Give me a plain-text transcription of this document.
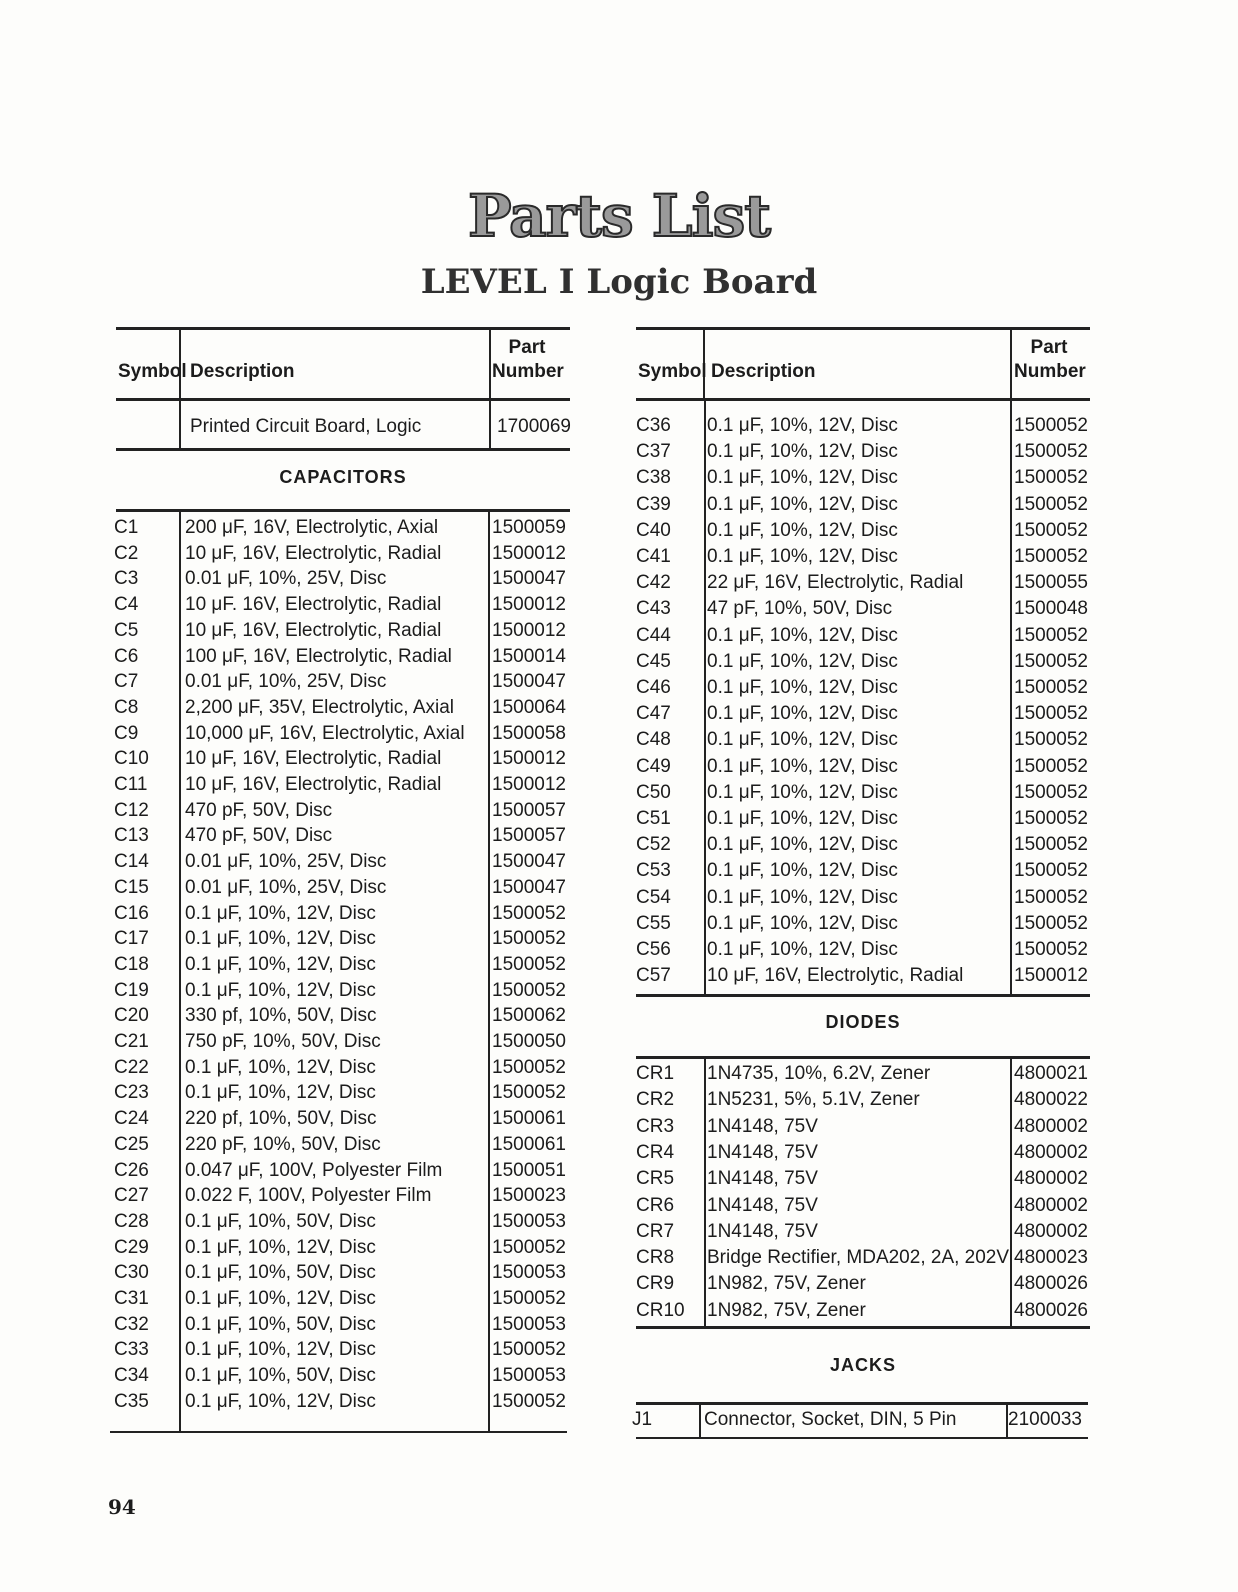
Parts List
LEVEL I Logic Board
Symbol Description
Part
Number
Printed Circuit Board, Logic	1700069
CAPACITORS
C1 200 μF, 16V, Electrolytic, Axial	1500059
C2 10 μF, 16V, Electrolytic, Radial	1500012
C3 0.01 μF, 10%, 25V, Disc	1500047
C4 10 μF. 16V, Electrolytic, Radial	1500012
C5 10 μF, 16V, Electrolytic, Radial	1500012
C6 100 μF, 16V, Electrolytic, Radial 1500014
C7 0.01 μF, 10%, 25V, Disc	1500047
C8 2,200 μF, 35V, Electrolytic, Axial 1500064
C9 10,000 μF, 16V, Electrolytic, Axial 1500058
C10 10 μF, 16V, Electrolytic, Radial	1500012
C11 10 μF, 16V, Electrolytic, Radial	1500012
C12 470 pF, 50V, Disc	1500057
C13 470 pF, 50V, Disc	1500057
C14 0.01 μF, 10%, 25V, Disc	1500047
C15 0.01 μF, 10%, 25V, Disc	1500047
C16 0.1 μF, 10%, 12V, Disc	1500052
C17 0.1 μF, 10%, 12V, Disc	1500052
C18 0.1 μF, 10%, 12V, Disc	1500052
C19 0.1 μF, 10%, 12V, Disc	1500052
C20 330 pf, 10%, 50V, Disc	1500062
C21 750 pF, 10%, 50V, Disc	1500050
C22 0.1 μF, 10%, 12V, Disc	1500052
C23 0.1 μF, 10%, 12V, Disc	1500052
C24 220 pf, 10%, 50V, Disc	1500061
C25 220 pF, 10%, 50V, Disc	1500061
C26 0.047 μF, 100V, Polyester Film	1500051
C27 0.022 F, 100V, Polyester Film	1500023
C28 0.1 μF, 10%, 50V, Disc	1500053
C29 0.1 μF, 10%, 12V, Disc	1500052
C30 0.1 μF, 10%, 50V, Disc	1500053
C31 0.1 μF, 10%, 12V, Disc	1500052
C32 0.1 μF, 10%, 50V, Disc	1500053
C33 0.1 μF, 10%, 12V, Disc	1500052
C34 0.1 μF, 10%, 50V, Disc	1500053
C35 0.1 μF, 10%, 12V, Disc	1500052
Symbol Description
Part
Number
C36 0.1 μF, 10%, 12V, Disc	1500052
C37 0.1 μF, 10%, 12V, Disc	1500052
C38 0.1 μF, 10%, 12V, Disc	1500052
C39 0.1 μF, 10%, 12V, Disc	1500052
C40 0.1 μF, 10%, 12V, Disc	1500052
C41 0.1 μF, 10%, 12V, Disc	1500052
C42 22 μF, 16V, Electrolytic, Radial	1500055
C43 47 pF, 10%, 50V, Disc	1500048
C44 0.1 μF, 10%, 12V, Disc	1500052
C45 0.1 μF, 10%, 12V, Disc	1500052
C46 0.1 μF, 10%, 12V, Disc	1500052
C47 0.1 μF, 10%, 12V, Disc	1500052
C48 0.1 μF, 10%, 12V, Disc	1500052
C49 0.1 μF, 10%, 12V, Disc	1500052
C50 0.1 μF, 10%, 12V, Disc	1500052
C51 0.1 μF, 10%, 12V, Disc	1500052
C52 0.1 μF, 10%, 12V, Disc	1500052
C53 0.1 μF, 10%, 12V, Disc	1500052
C54 0.1 μF, 10%, 12V, Disc	1500052
C55 0.1 μF, 10%, 12V, Disc	1500052
C56 0.1 μF, 10%, 12V, Disc	1500052
C57 10 μF, 16V, Electrolytic, Radial	1500012
DIODES
CR1 1N4735, 10%, 6.2V, Zener	4800021
CR2 1N5231, 5%, 5.1V, Zener	4800022
CR3 1N4148, 75V	4800002
CR4 1N4148, 75V	4800002
CR5 1N4148, 75V	4800002
CR6 1N4148, 75V	4800002
CR7 1N4148, 75V	4800002
CR8 Bridge Rectifier, MDA202, 2A, 202V 4800023
CR9 1N982, 75V, Zener	4800026
CR10 1N982, 75V, Zener	4800026
JACKS
J1	Connector, Socket, DIN, 5 Pin	2100033
94
